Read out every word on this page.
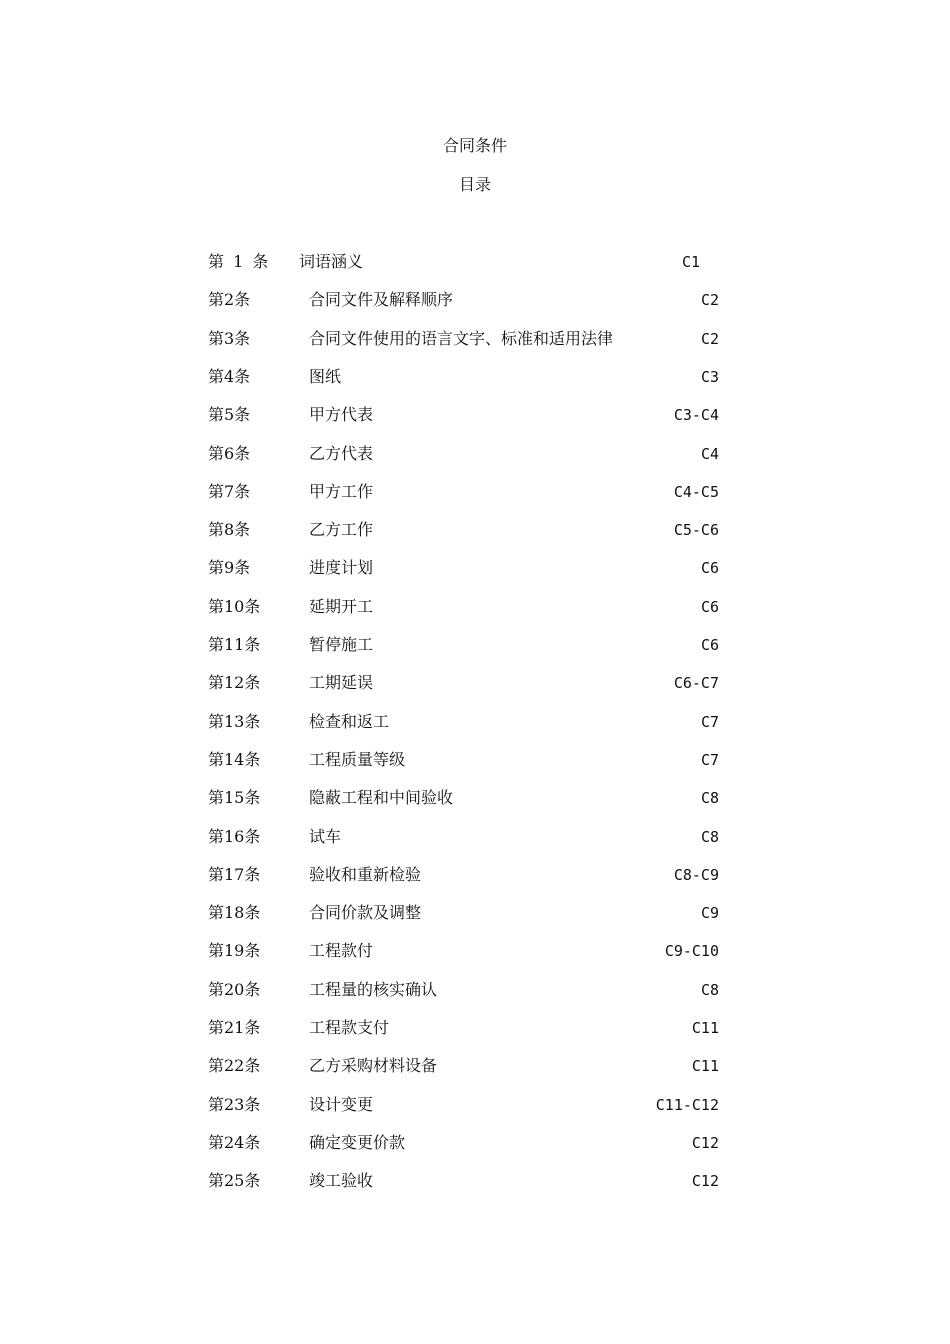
合同条件
目录
第 1 条 词语涵义	C1
第2条	合同文件及解释顺序	C2
第3条	合同文件使用的语言文字、标准和适用法律	C2
第4条	图纸	C3
第5条	甲方代表	C3-C4
第6条	乙方代表	C4
第7条	甲方工作	C4-C5
第8条	乙方工作	C5-C6
第9条	进度计划	C6
第10条	延期开工	C6
第11条	暂停施工	C6
第12条	工期延误	C6-C7
第13条	检查和返工	C7
第14条	工程质量等级	C7
第15条	隐蔽工程和中间验收	C8
第16条	试车	C8
第17条	验收和重新检验	C8-C9
第18条	合同价款及调整	C9
第19条	工程款付	C9-C10
第20条	工程量的核实确认	C8
第21条	工程款支付	C11
第22条	乙方采购材料设备	C11
第23条	设计变更	C11-C12
第24条	确定变更价款	C12
第25条	竣工验收	C12
